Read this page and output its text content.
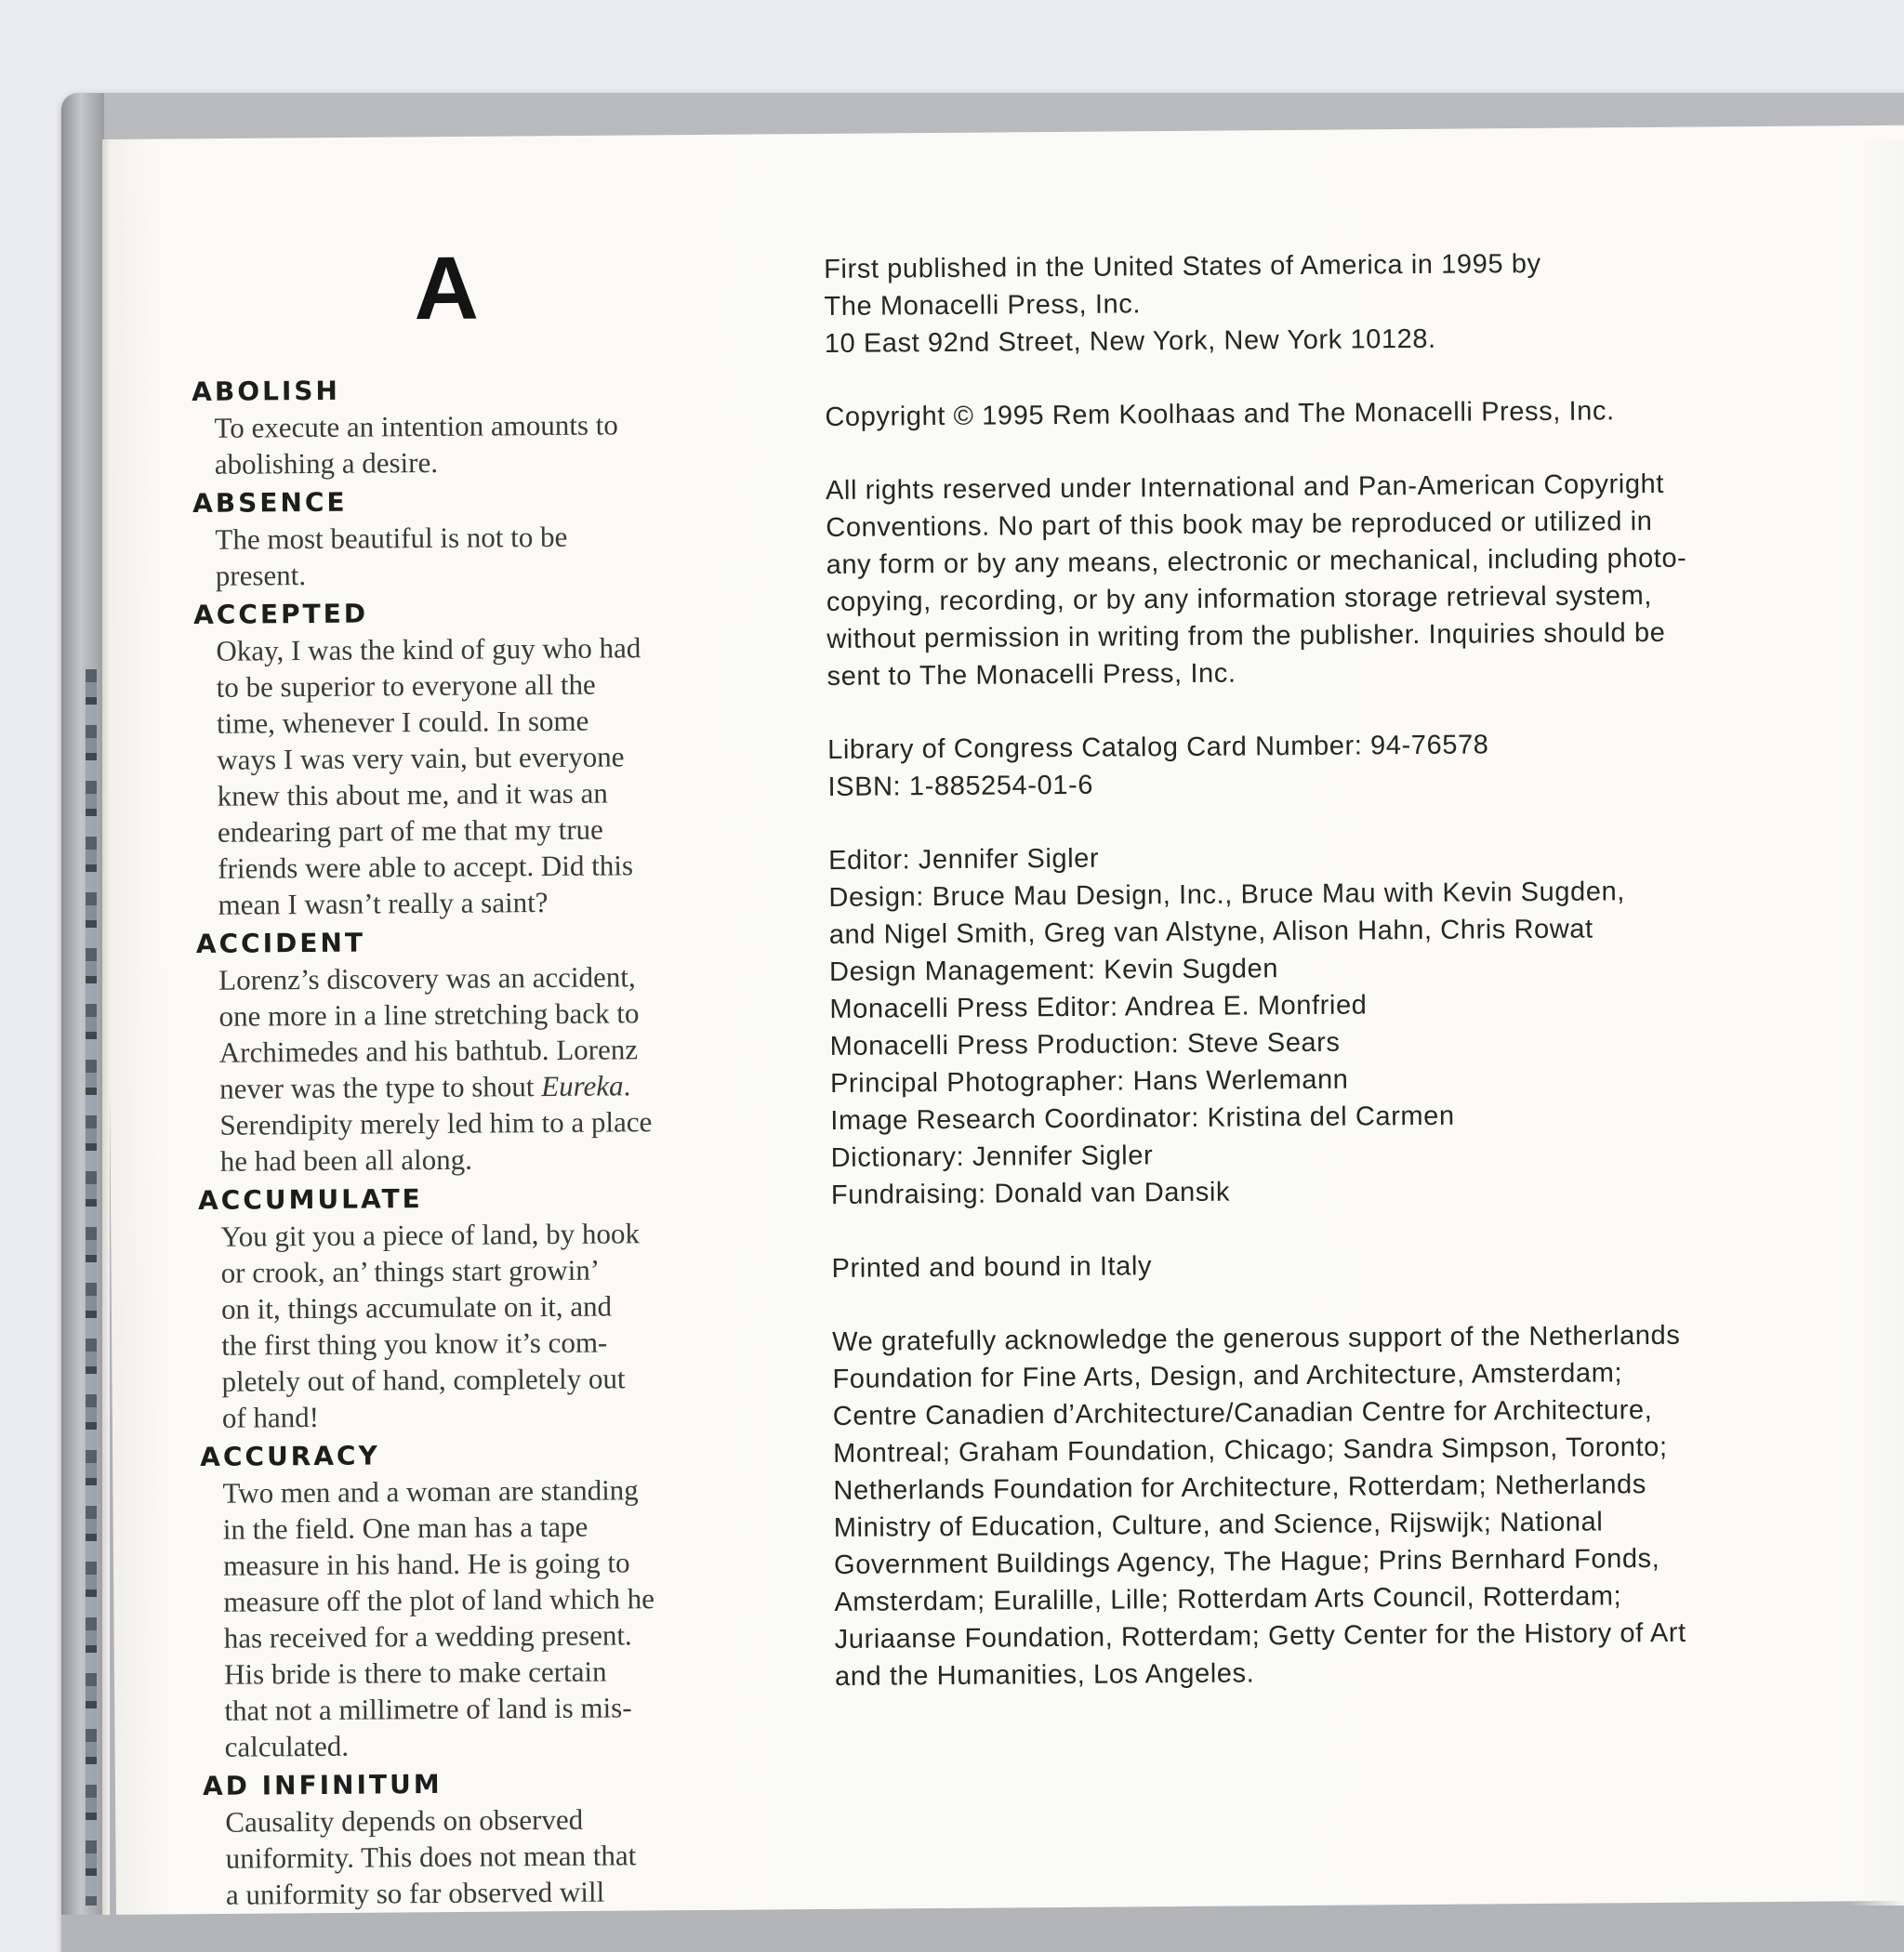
A
ABOLISH
To execute an intention amounts to
abolishing a desire.
ABSENCE
The most beautiful is not to be
present.
ACCEPTED
Okay, I was the kind of guy who had
to be superior to everyone all the
time, whenever I could. In some
ways I was very vain, but everyone
knew this about me, and it was an
endearing part of me that my true
friends were able to accept. Did this
mean I wasn’t really a saint?
ACCIDENT
Lorenz’s discovery was an accident,
one more in a line stretching back to
Archimedes and his bathtub. Lorenz
never was the type to shout Eureka.
Serendipity merely led him to a place
he had been all along.
ACCUMULATE
You git you a piece of land, by hook
or crook, an’ things start growin’
on it, things accumulate on it, and
the first thing you know it’s com-
pletely out of hand, completely out
of hand!
ACCURACY
Two men and a woman are standing
in the field. One man has a tape
measure in his hand. He is going to
measure off the plot of land which he
has received for a wedding present.
His bride is there to make certain
that not a millimetre of land is mis-
calculated.
AD INFINITUM
Causality depends on observed
uniformity. This does not mean that
a uniformity so far observed will
First published in the United States of America in 1995 by
The Monacelli Press, Inc.
10 East 92nd Street, New York, New York 10128.
Copyright © 1995 Rem Koolhaas and The Monacelli Press, Inc.
All rights reserved under International and Pan-American Copyright
Conventions. No part of this book may be reproduced or utilized in
any form or by any means, electronic or mechanical, including photo-
copying, recording, or by any information storage retrieval system,
without permission in writing from the publisher. Inquiries should be
sent to The Monacelli Press, Inc.
Library of Congress Catalog Card Number: 94-76578
ISBN: 1-885254-01-6
Editor: Jennifer Sigler
Design: Bruce Mau Design, Inc., Bruce Mau with Kevin Sugden,
and Nigel Smith, Greg van Alstyne, Alison Hahn, Chris Rowat
Design Management: Kevin Sugden
Monacelli Press Editor: Andrea E. Monfried
Monacelli Press Production: Steve Sears
Principal Photographer: Hans Werlemann
Image Research Coordinator: Kristina del Carmen
Dictionary: Jennifer Sigler
Fundraising: Donald van Dansik
Printed and bound in Italy
We gratefully acknowledge the generous support of the Netherlands
Foundation for Fine Arts, Design, and Architecture, Amsterdam;
Centre Canadien d’Architecture/Canadian Centre for Architecture,
Montreal; Graham Foundation, Chicago; Sandra Simpson, Toronto;
Netherlands Foundation for Architecture, Rotterdam; Netherlands
Ministry of Education, Culture, and Science, Rijswijk; National
Government Buildings Agency, The Hague; Prins Bernhard Fonds,
Amsterdam; Euralille, Lille; Rotterdam Arts Council, Rotterdam;
Juriaanse Foundation, Rotterdam; Getty Center for the History of Art
and the Humanities, Los Angeles.
